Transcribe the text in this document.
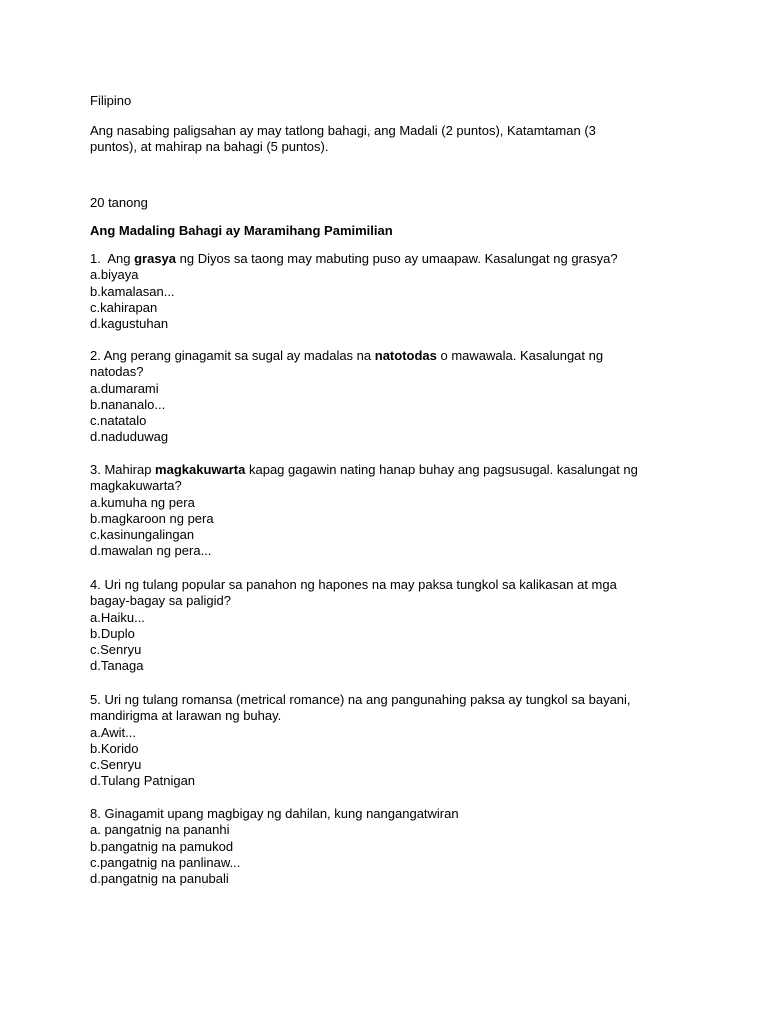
Filipino
Ang nasabing paligsahan ay may tatlong bahagi, ang Madali (2 puntos), Katamtaman (3
puntos), at mahirap na bahagi (5 puntos).
20 tanong
Ang Madaling Bahagi ay Maramihang Pamimilian
1.  Ang grasya ng Diyos sa taong may mabuting puso ay umaapaw. Kasalungat ng grasya?
a.biyaya
b.kamalasan...
c.kahirapan
d.kagustuhan
2. Ang perang ginagamit sa sugal ay madalas na natotodas o mawawala. Kasalungat ng
natodas?
a.dumarami
b.nananalo...
c.natatalo
d.naduduwag
3. Mahirap magkakuwarta kapag gagawin nating hanap buhay ang pagsusugal. kasalungat ng
magkakuwarta?
a.kumuha ng pera
b.magkaroon ng pera
c.kasinungalingan
d.mawalan ng pera...
4. Uri ng tulang popular sa panahon ng hapones na may paksa tungkol sa kalikasan at mga
bagay-bagay sa paligid?
a.Haiku...
b.Duplo
c.Senryu
d.Tanaga
5. Uri ng tulang romansa (metrical romance) na ang pangunahing paksa ay tungkol sa bayani,
mandirigma at larawan ng buhay.
a.Awit...
b.Korido
c.Senryu
d.Tulang Patnigan
8. Ginagamit upang magbigay ng dahilan, kung nangangatwiran
a. pangatnig na pananhi
b.pangatnig na pamukod
c.pangatnig na panlinaw...
d.pangatnig na panubali
